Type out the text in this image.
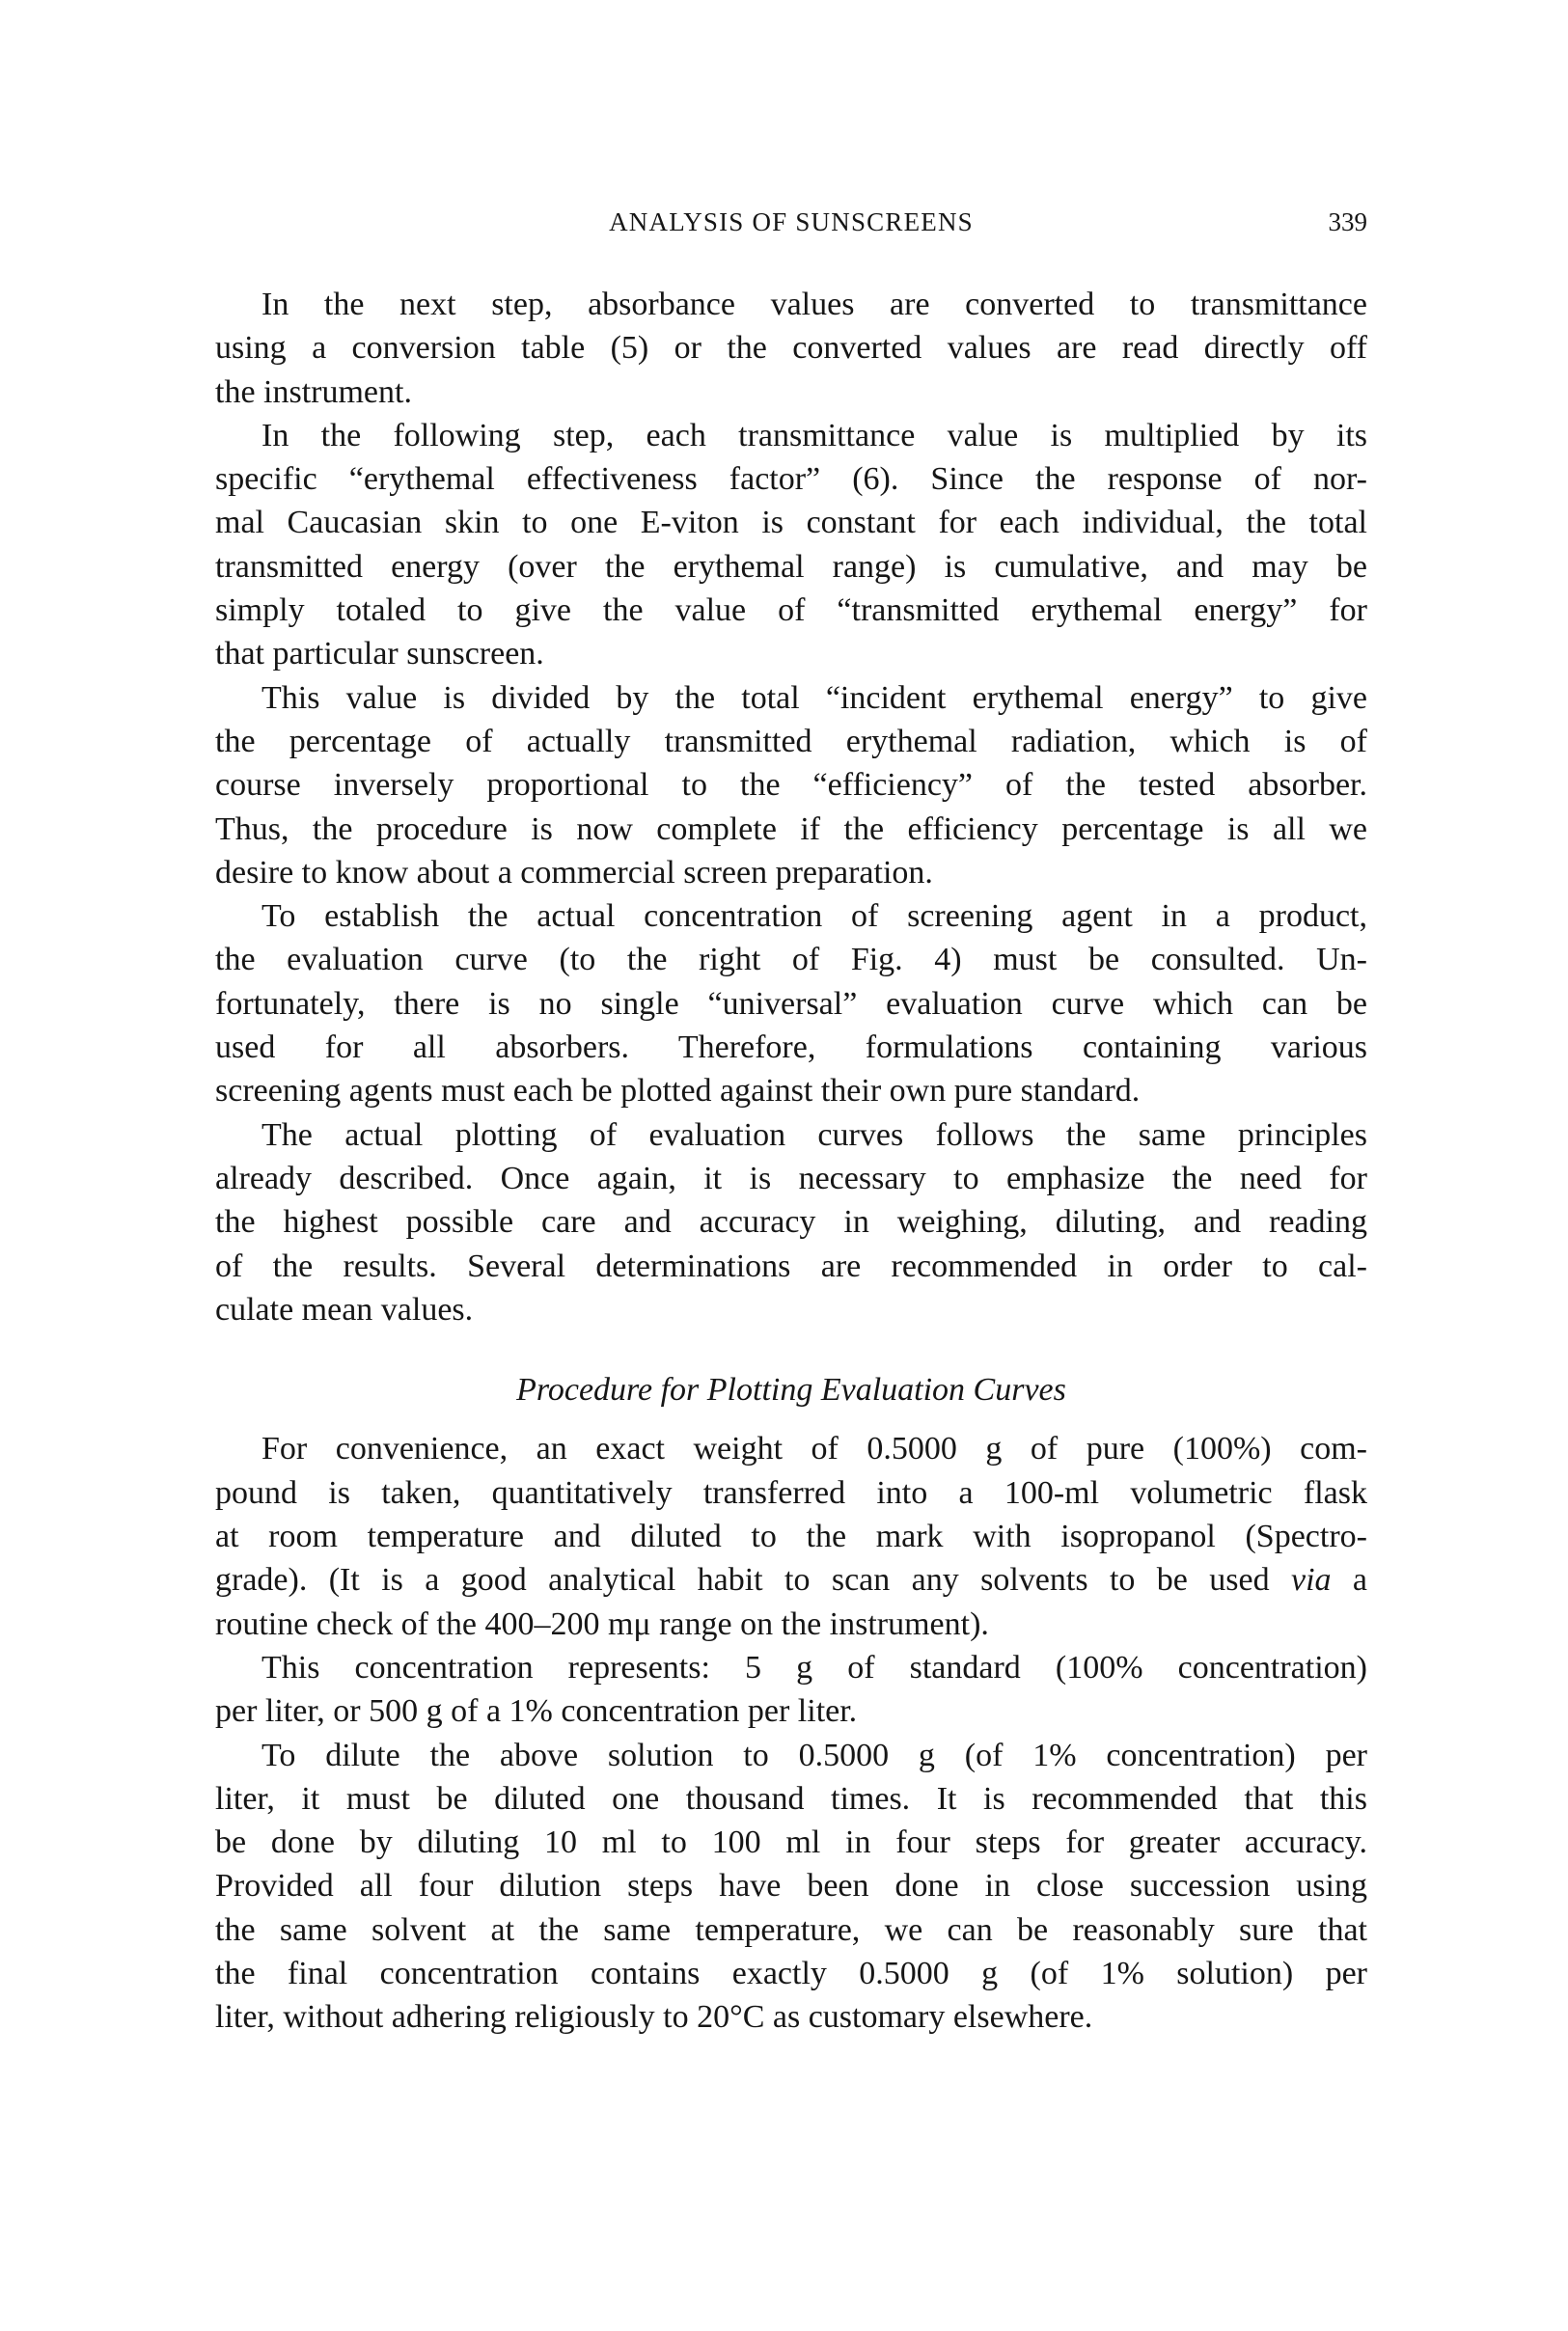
ANALYSIS OF SUNSCREENS	339
In the next step, absorbance values are converted to transmittance
using a conversion table (5) or the converted values are read directly off
the instrument.
In the following step, each transmittance value is multiplied by its
specific “erythemal effectiveness factor” (6). Since the response of nor-
mal Caucasian skin to one E-viton is constant for each individual, the total
transmitted energy (over the erythemal range) is cumulative, and may be
simply totaled to give the value of “transmitted erythemal energy” for
that particular sunscreen.
This value is divided by the total “incident erythemal energy” to give
the percentage of actually transmitted erythemal radiation, which is of
course inversely proportional to the “efficiency” of the tested absorber.
Thus, the procedure is now complete if the efficiency percentage is all we
desire to know about a commercial screen preparation.
To establish the actual concentration of screening agent in a product,
the evaluation curve (to the right of Fig. 4) must be consulted. Un-
fortunately, there is no single “universal” evaluation curve which can be
used for all absorbers. Therefore, formulations containing various
screening agents must each be plotted against their own pure standard.
The actual plotting of evaluation curves follows the same principles
already described. Once again, it is necessary to emphasize the need for
the highest possible care and accuracy in weighing, diluting, and reading
of the results. Several determinations are recommended in order to cal-
culate mean values.
Procedure for Plotting Evaluation Curves
For convenience, an exact weight of 0.5000 g of pure (100%) com-
pound is taken, quantitatively transferred into a 100-ml volumetric flask
at room temperature and diluted to the mark with isopropanol (Spectro-
grade). (It is a good analytical habit to scan any solvents to be used via a
routine check of the 400–200 mμ range on the instrument).
This concentration represents: 5 g of standard (100% concentration)
per liter, or 500 g of a 1% concentration per liter.
To dilute the above solution to 0.5000 g (of 1% concentration) per
liter, it must be diluted one thousand times. It is recommended that this
be done by diluting 10 ml to 100 ml in four steps for greater accuracy.
Provided all four dilution steps have been done in close succession using
the same solvent at the same temperature, we can be reasonably sure that
the final concentration contains exactly 0.5000 g (of 1% solution) per
liter, without adhering religiously to 20°C as customary elsewhere.
